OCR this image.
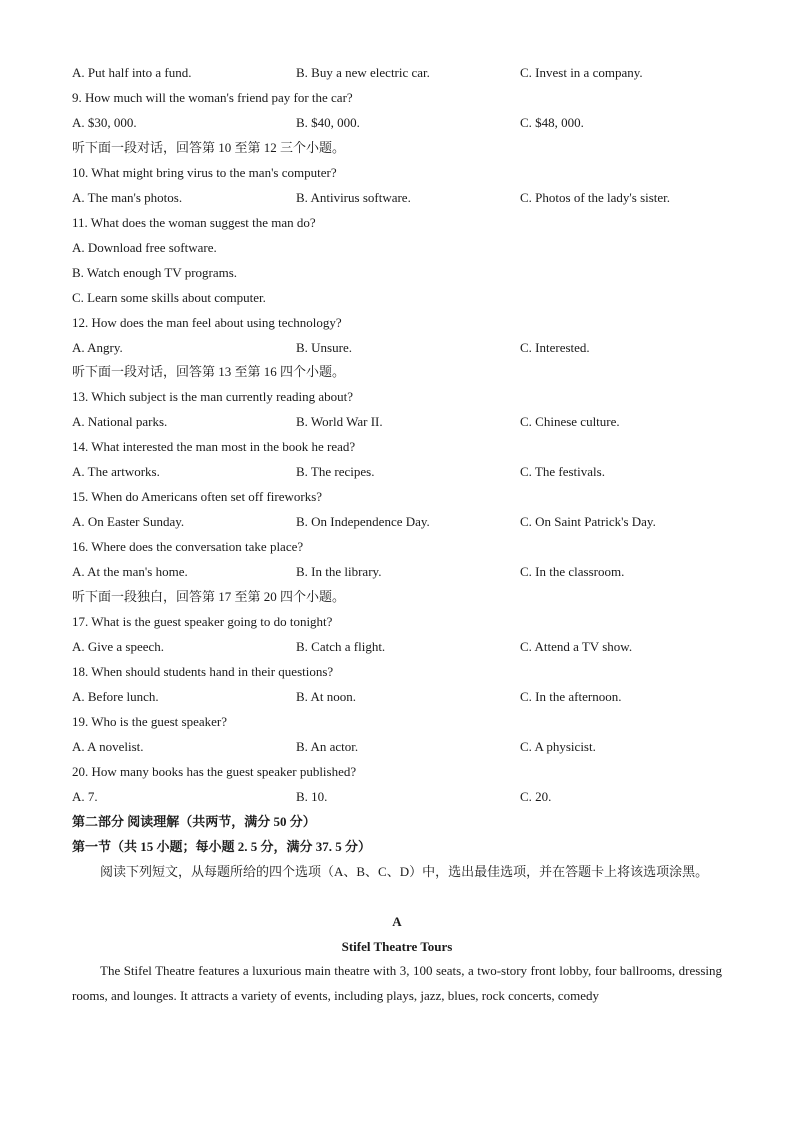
A. Put half into a fund.	B. Buy a new electric car.	C. Invest in a company.
9. How much will the woman's friend pay for the car?
A. $30, 000.	B. $40, 000.	C. $48, 000.
听下面一段对话，回答第 10 至第 12 三个小题。
10. What might bring virus to the man's computer?
A. The man's photos.	B. Antivirus software.	C. Photos of the lady's sister.
11. What does the woman suggest the man do?
A. Download free software.
B. Watch enough TV programs.
C. Learn some skills about computer.
12. How does the man feel about using technology?
A. Angry.	B. Unsure.	C. Interested.
听下面一段对话，回答第 13 至第 16 四个小题。
13. Which subject is the man currently reading about?
A. National parks.	B. World War II.	C. Chinese culture.
14. What interested the man most in the book he read?
A. The artworks.	B. The recipes.	C. The festivals.
15. When do Americans often set off fireworks?
A. On Easter Sunday.	B. On Independence Day.	C. On Saint Patrick's Day.
16. Where does the conversation take place?
A. At the man's home.	B. In the library.	C. In the classroom.
听下面一段独白，回答第 17 至第 20 四个小题。
17. What is the guest speaker going to do tonight?
A. Give a speech.	B. Catch a flight.	C. Attend a TV show.
18. When should students hand in their questions?
A. Before lunch.	B. At noon.	C. In the afternoon.
19. Who is the guest speaker?
A. A novelist.	B. An actor.	C. A physicist.
20. How many books has the guest speaker published?
A. 7.	B. 10.	C. 20.
第二部分 阅读理解（共两节，满分 50 分）
第一节（共 15 小题；每小题 2. 5 分，满分 37. 5 分）
阅读下列短文，从每题所给的四个选项（A、B、C、D）中，选出最佳选项，并在答题卡上将该选项涂黑。
A
Stifel Theatre Tours
The Stifel Theatre features a luxurious main theatre with 3, 100 seats, a two-story front lobby, four ballrooms, dressing rooms, and lounges. It attracts a variety of events, including plays, jazz, blues, rock concerts, comedy
